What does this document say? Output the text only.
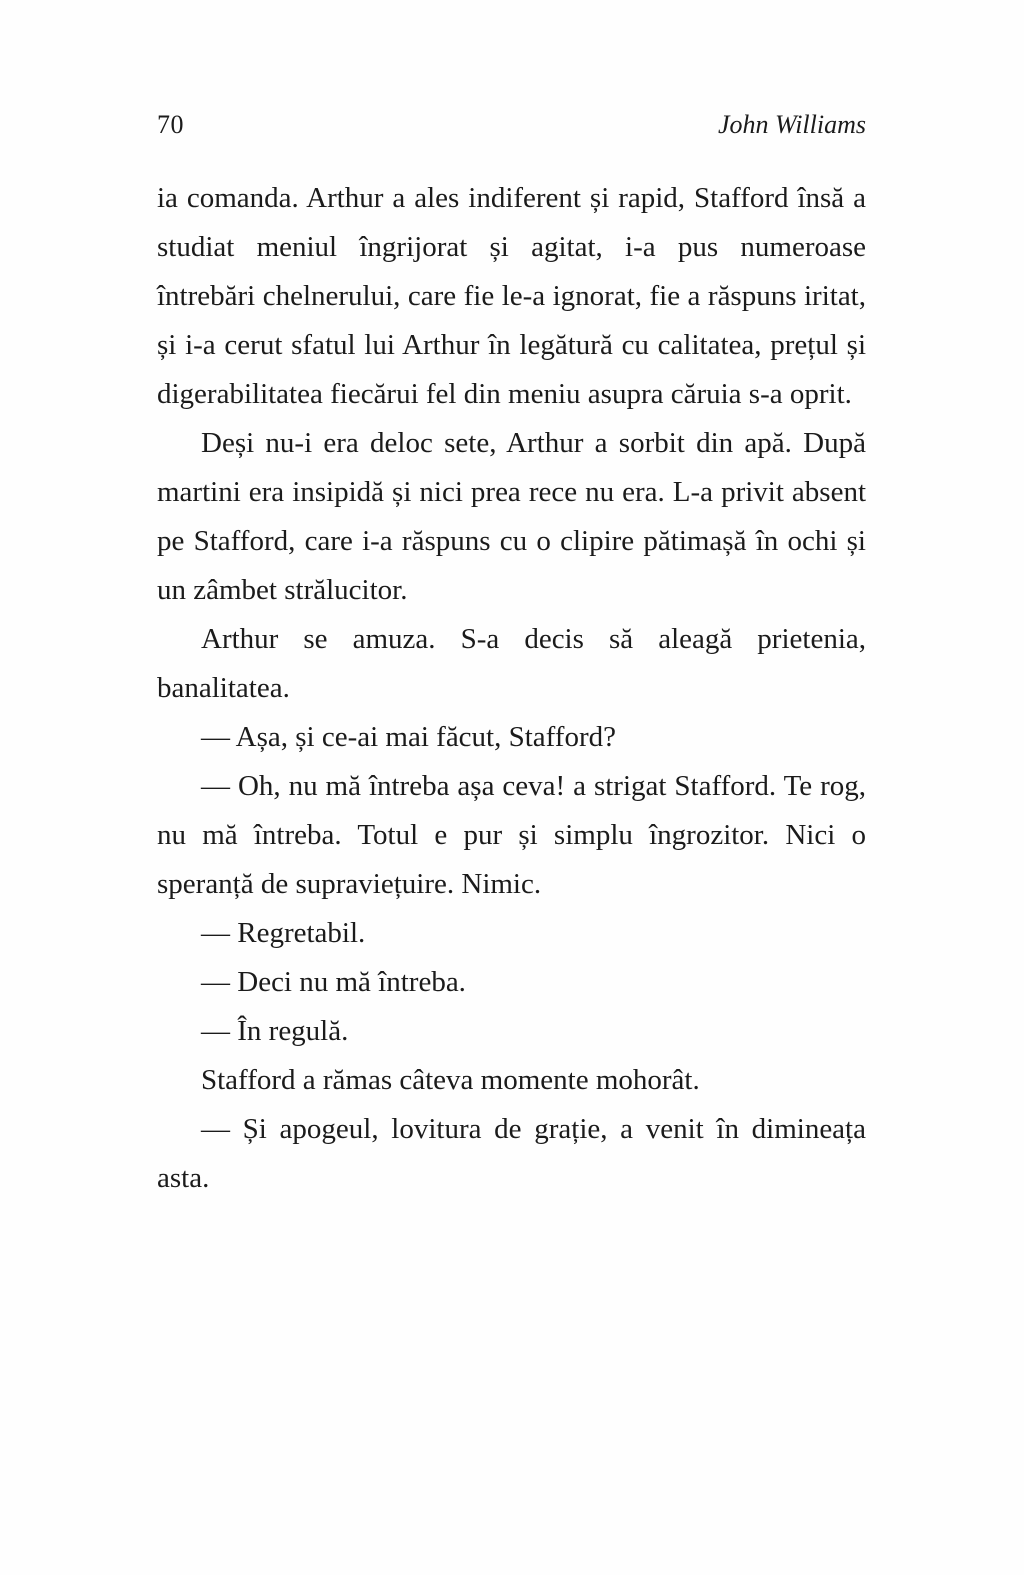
70	John Williams

ia comanda. Arthur a ales indiferent și rapid, Stafford însă a studiat meniul îngrijorat și agitat, i-a pus numeroase întrebări chelnerului, care fie le-a ignorat, fie a răspuns iritat, și i-a cerut sfatul lui Arthur în legătură cu calitatea, prețul și digerabilitatea fiecărui fel din meniu asupra căruia s-a oprit.

Deși nu-i era deloc sete, Arthur a sorbit din apă. După martini era insipidă și nici prea rece nu era. L-a privit absent pe Stafford, care i-a răspuns cu o clipire pătimașă în ochi și un zâmbet strălucitor.

Arthur se amuza. S-a decis să aleagă prietenia, banalitatea.

— Așa, și ce-ai mai făcut, Stafford?

— Oh, nu mă întreba așa ceva! a strigat Stafford. Te rog, nu mă întreba. Totul e pur și simplu îngrozitor. Nici o speranță de supraviețuire. Nimic.

— Regretabil.

— Deci nu mă întreba.

— În regulă.

Stafford a rămas câteva momente mohorât.

— Și apogeul, lovitura de grație, a venit în dimineața asta.
